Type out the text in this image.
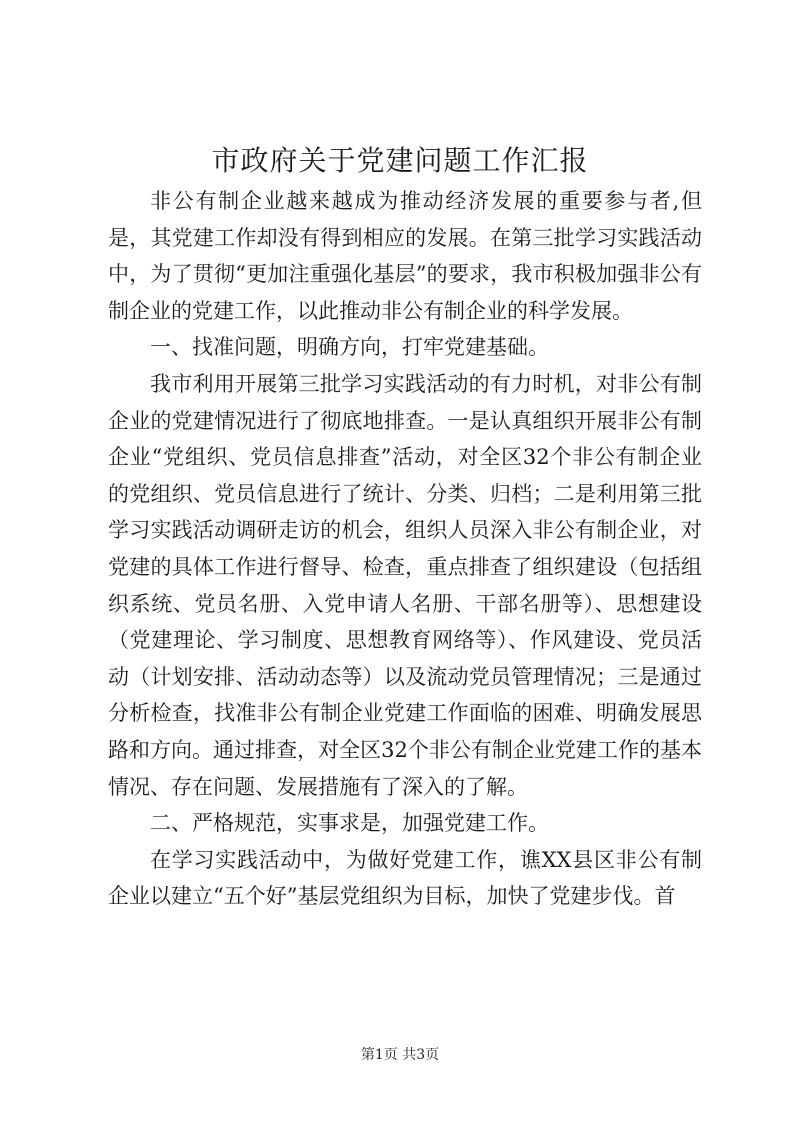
市政府关于党建问题工作汇报

非公有制企业越来越成为推动经济发展的重要参与者,但是，其党建工作却没有得到相应的发展。在第三批学习实践活动中，为了贯彻“更加注重强化基层”的要求，我市积极加强非公有制企业的党建工作，以此推动非公有制企业的科学发展。

一、找准问题，明确方向，打牢党建基础。

我市利用开展第三批学习实践活动的有力时机，对非公有制企业的党建情况进行了彻底地排查。一是认真组织开展非公有制企业“党组织、党员信息排查”活动，对全区32个非公有制企业的党组织、党员信息进行了统计、分类、归档；二是利用第三批学习实践活动调研走访的机会，组织人员深入非公有制企业，对党建的具体工作进行督导、检查，重点排查了组织建设（包括组织系统、党员名册、入党申请人名册、干部名册等）、思想建设（党建理论、学习制度、思想教育网络等）、作风建设、党员活动（计划安排、活动动态等）以及流动党员管理情况；三是通过分析检查，找准非公有制企业党建工作面临的困难、明确发展思路和方向。通过排查，对全区32个非公有制企业党建工作的基本情况、存在问题、发展措施有了深入的了解。

二、严格规范，实事求是，加强党建工作。

在学习实践活动中，为做好党建工作，谯XX县区非公有制企业以建立“五个好”基层党组织为目标，加快了党建步伐。首

第1页 共3页
